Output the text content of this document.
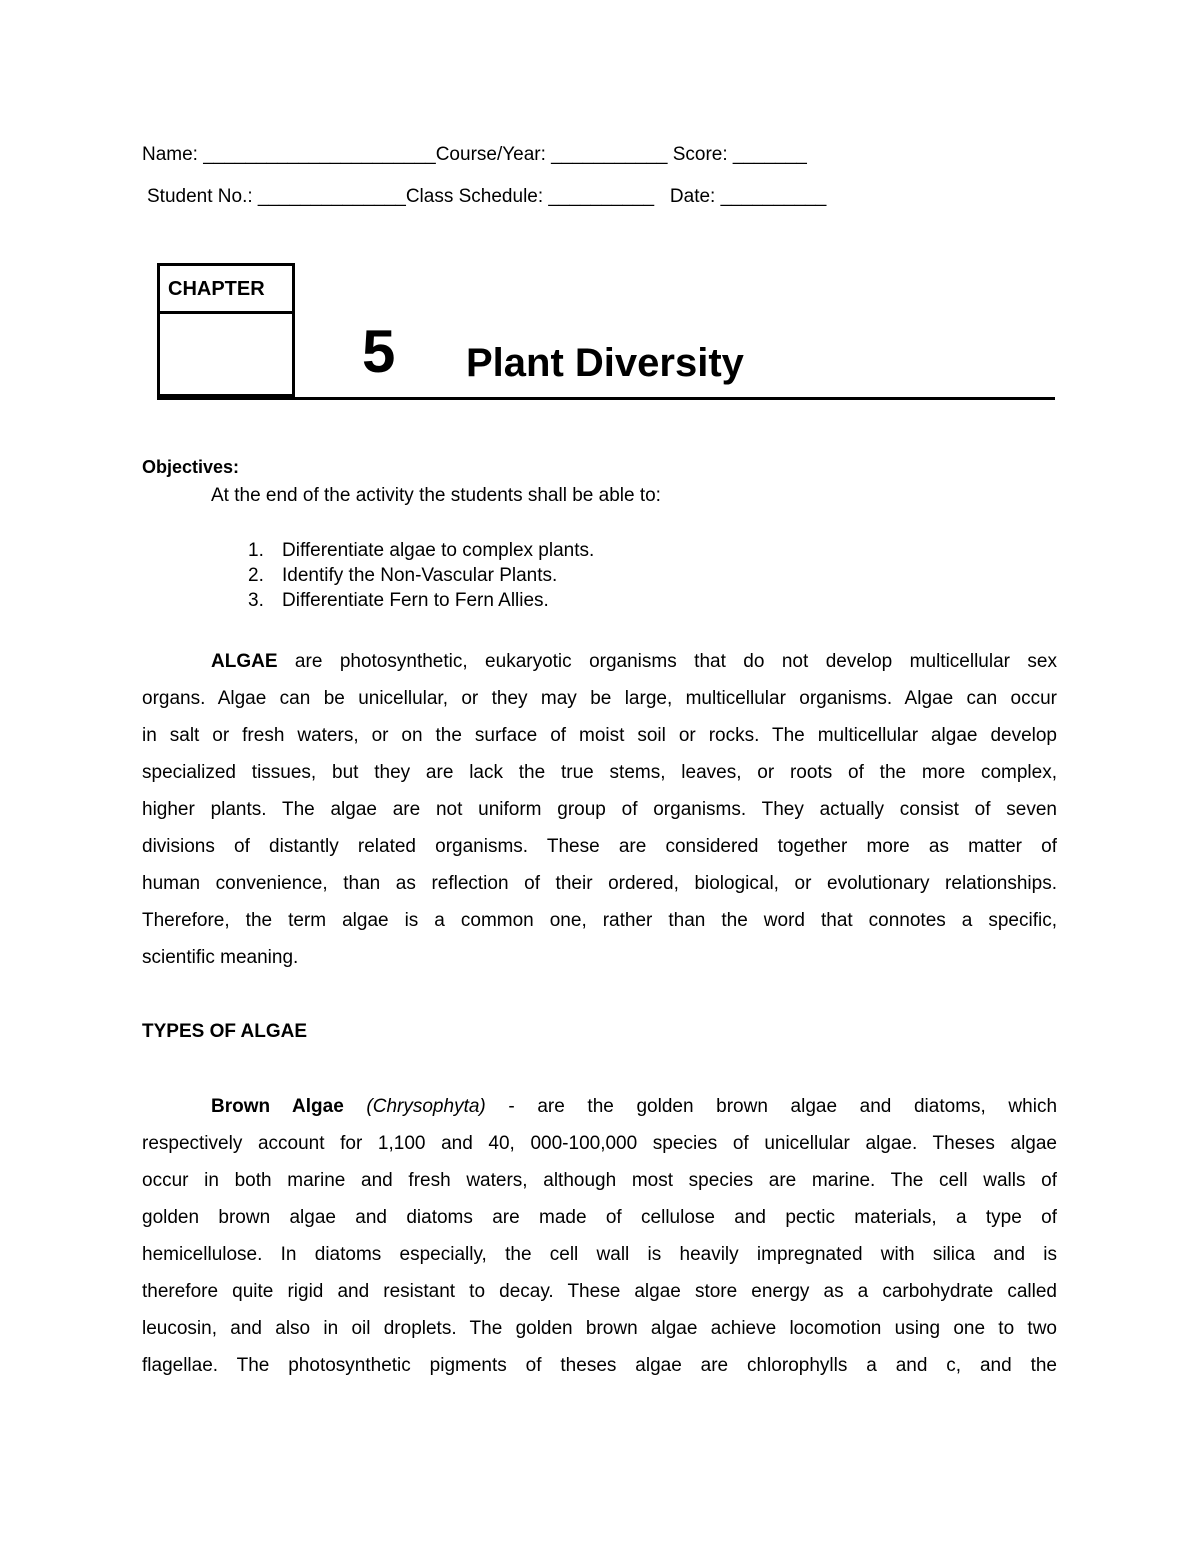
Name: ______________________Course/Year: ___________ Score: _______
Student No.: ______________Class Schedule: __________   Date: __________
CHAPTER
5 Plant Diversity
Objectives:
At the end of the activity the students shall be able to:
1. Differentiate algae to complex plants.
2. Identify the Non-Vascular Plants.
3. Differentiate Fern to Fern Allies.
ALGAE are photosynthetic, eukaryotic organisms that do not develop multicellular sex
organs. Algae can be unicellular, or they may be large, multicellular organisms. Algae can occur
in salt or fresh waters, or on the surface of moist soil or rocks. The multicellular algae develop
specialized tissues, but they are lack the true stems, leaves, or roots of the more complex,
higher plants. The algae are not uniform group of organisms. They actually consist of seven
divisions of distantly related organisms. These are considered together more as matter of
human convenience, than as reflection of their ordered, biological, or evolutionary relationships.
Therefore, the term algae is a common one, rather than the word that connotes a specific,
scientific meaning.
TYPES OF ALGAE
Brown Algae (Chrysophyta) - are the golden brown algae and diatoms, which
respectively account for 1,100 and 40, 000-100,000 species of unicellular algae. Theses algae
occur in both marine and fresh waters, although most species are marine. The cell walls of
golden brown algae and diatoms are made of cellulose and pectic materials, a type of
hemicellulose. In diatoms especially, the cell wall is heavily impregnated with silica and is
therefore quite rigid and resistant to decay. These algae store energy as a carbohydrate called
leucosin, and also in oil droplets. The golden brown algae achieve locomotion using one to two
flagellae. The photosynthetic pigments of theses algae are chlorophylls a and c, and the
